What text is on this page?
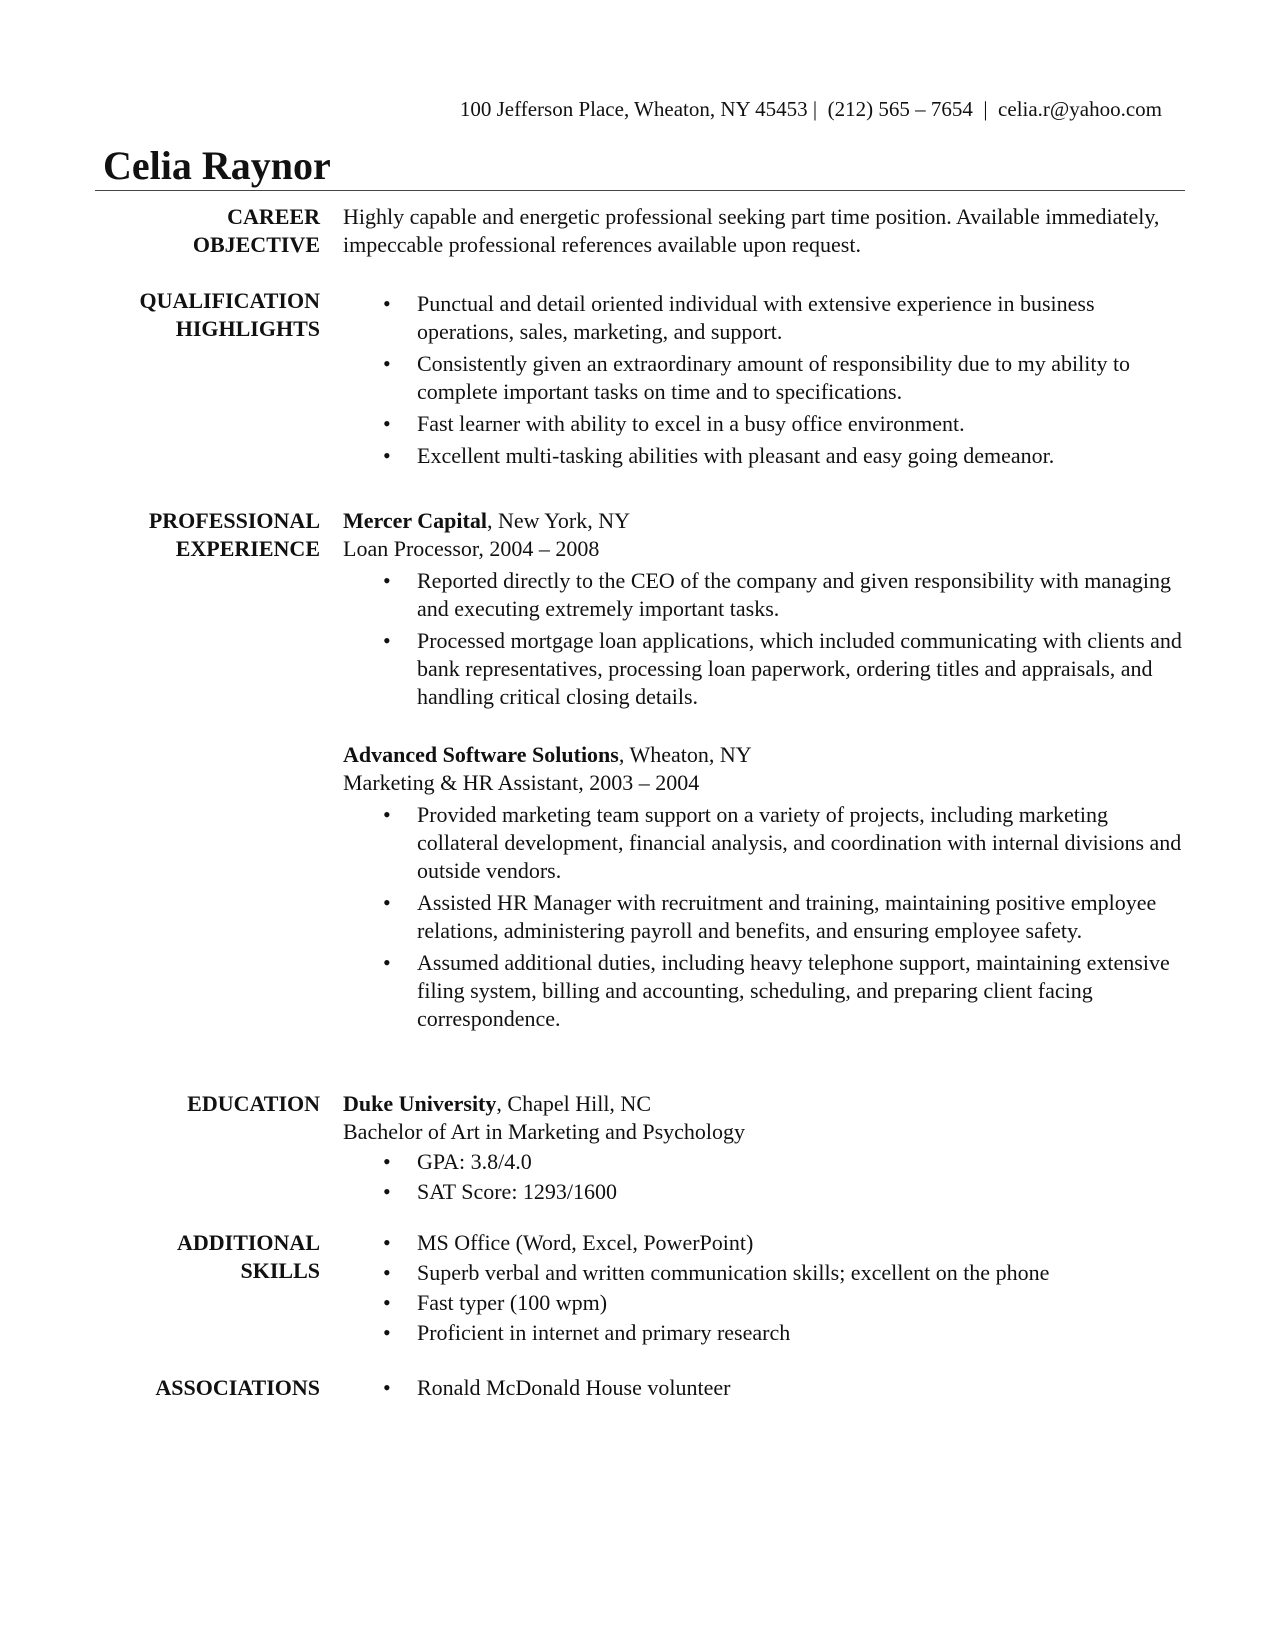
100 Jefferson Place, Wheaton, NY 45453 |  (212) 565 – 7654  |  celia.r@yahoo.com
Celia Raynor
CAREER
OBJECTIVE

Highly capable and energetic professional seeking part time position. Available immediately, impeccable professional references available upon request.

QUALIFICATION
HIGHLIGHTS
• Punctual and detail oriented individual with extensive experience in business operations, sales, marketing, and support.
• Consistently given an extraordinary amount of responsibility due to my ability to complete important tasks on time and to specifications.
• Fast learner with ability to excel in a busy office environment.
• Excellent multi-tasking abilities with pleasant and easy going demeanor.
PROFESSIONAL
EXPERIENCE

Mercer Capital, New York, NY

Loan Processor, 2004 – 2008

• Reported directly to the CEO of the company and given responsibility with managing and executing extremely important tasks.
• Processed mortgage loan applications, which included communicating with clients and bank representatives, processing loan paperwork, ordering titles and appraisals, and handling critical closing details.

Advanced Software Solutions, Wheaton, NY

Marketing & HR Assistant, 2003 – 2004

• Provided marketing team support on a variety of projects, including marketing collateral development, financial analysis, and coordination with internal divisions and outside vendors.
• Assisted HR Manager with recruitment and training, maintaining positive employee relations, administering payroll and benefits, and ensuring employee safety.
• Assumed additional duties, including heavy telephone support, maintaining extensive filing system, billing and accounting, scheduling, and preparing client facing correspondence.
EDUCATION Duke University, Chapel Hill, NC

Bachelor of Art in Marketing and Psychology

• GPA: 3.8/4.0
• SAT Score: 1293/1600
ADDITIONAL
SKILLS
• MS Office (Word, Excel, PowerPoint)
• Superb verbal and written communication skills; excellent on the phone
• Fast typer (100 wpm)
• Proficient in internet and primary research
ASSOCIATIONS	• Ronald McDonald House volunteer
